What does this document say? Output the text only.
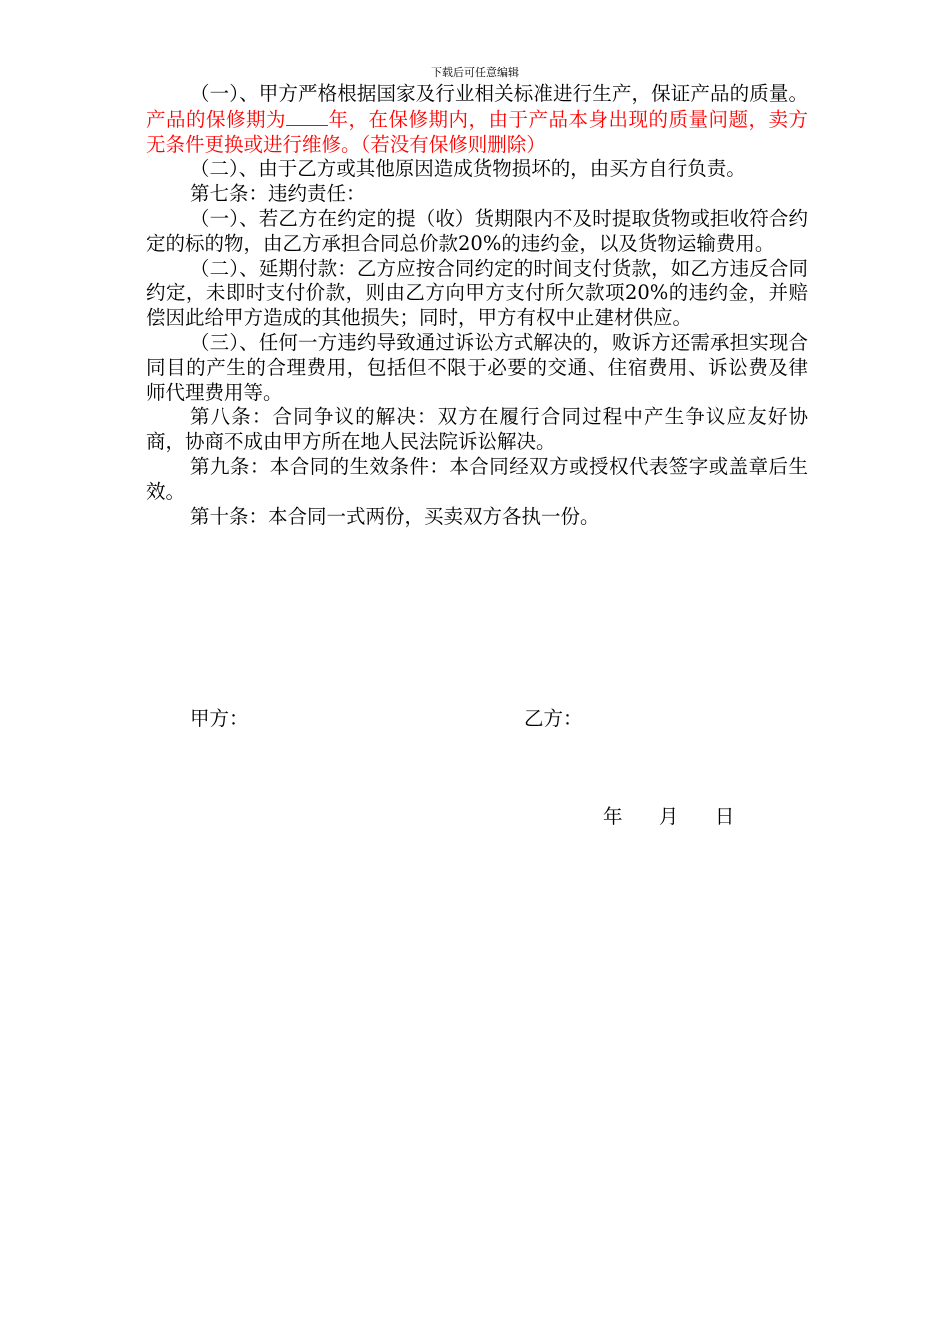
下载后可任意编辑

（一）、甲方严格根据国家及行业相关标准进行生产，保证产品的质量。产品的保修期为 年，在保修期内，由于产品本身出现的质量问题，卖方无条件更换或进行维修。（若没有保修则删除）

（二）、由于乙方或其他原因造成货物损坏的，由买方自行负责。

第七条：违约责任：

（一）、若乙方在约定的提（收）货期限内不及时提取货物或拒收符合约定的标的物，由乙方承担合同总价款20%的违约金，以及货物运输费用。

（二）、延期付款：乙方应按合同约定的时间支付货款，如乙方违反合同约定，未即时支付价款，则由乙方向甲方支付所欠款项20%的违约金，并赔偿因此给甲方造成的其他损失；同时，甲方有权中止建材供应。

（三）、任何一方违约导致通过诉讼方式解决的，败诉方还需承担实现合同目的产生的合理费用，包括但不限于必要的交通、住宿费用、诉讼费及律师代理费用等。

第八条：合同争议的解决：双方在履行合同过程中产生争议应友好协商，协商不成由甲方所在地人民法院诉讼解决。

第九条：本合同的生效条件：本合同经双方或授权代表签字或盖章后生效。

第十条：本合同一式两份，买卖双方各执一份。

甲方：	乙方：
年 月 日
